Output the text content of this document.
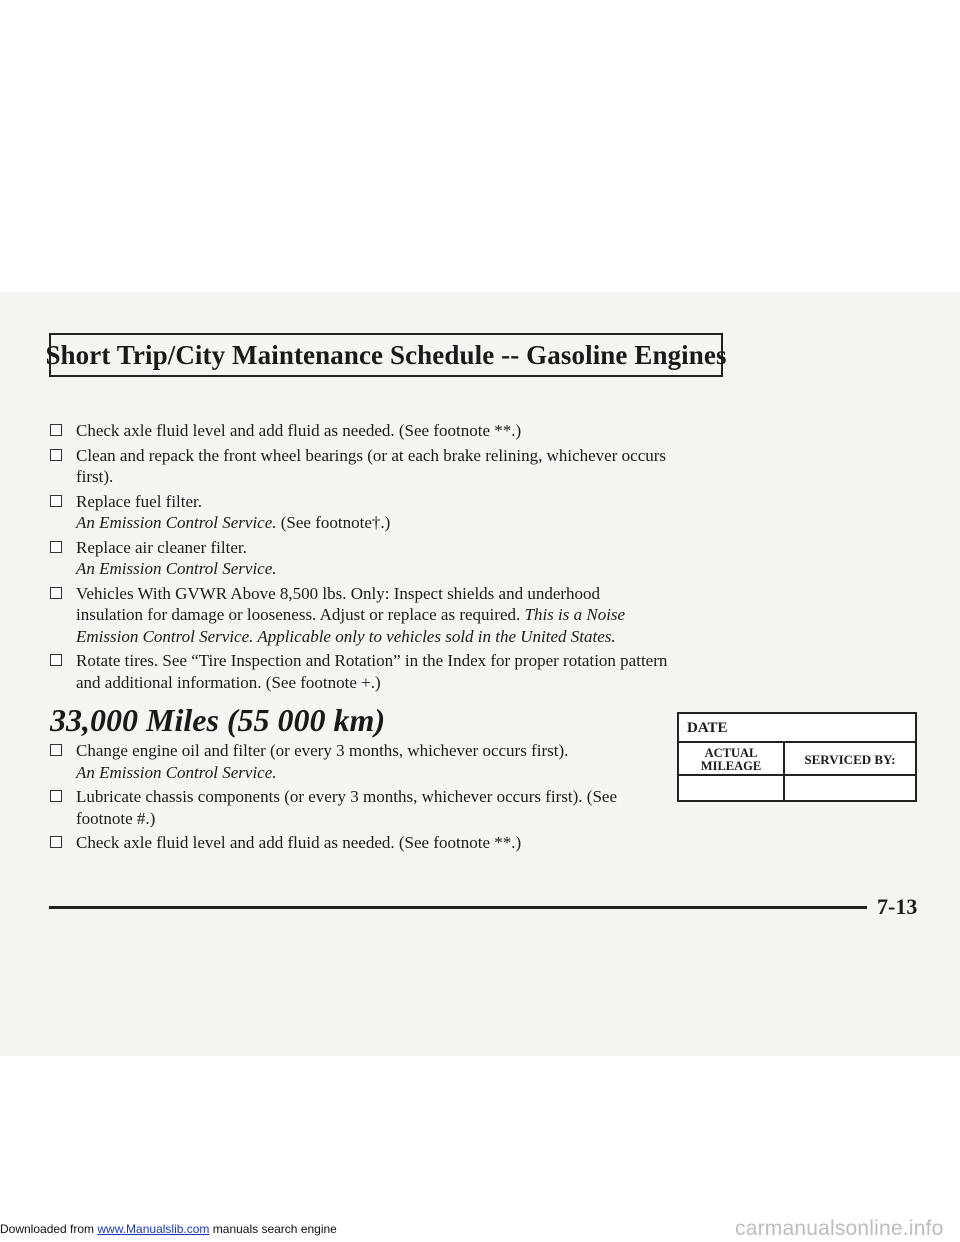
Short Trip/City Maintenance Schedule -- Gasoline Engines
Check axle fluid level and add fluid as needed. (See footnote **.)
Clean and repack the front wheel bearings (or at each brake relining, whichever occurs first).
Replace fuel filter.
An Emission Control Service. (See footnote†.)
Replace air cleaner filter.
An Emission Control Service.
Vehicles With GVWR Above 8,500 lbs. Only: Inspect shields and underhood insulation for damage or looseness. Adjust or replace as required. This is a Noise Emission Control Service. Applicable only to vehicles sold in the United States.
Rotate tires. See “Tire Inspection and Rotation” in the Index for proper rotation pattern and additional information. (See footnote +.)
33,000 Miles (55 000 km)
Change engine oil and filter (or every 3 months, whichever occurs first).
An Emission Control Service.
Lubricate chassis components (or every 3 months, whichever occurs first). (See footnote #.)
Check axle fluid level and add fluid as needed. (See footnote **.)
DATE
ACTUAL
MILEAGE	SERVICED BY:
7-13
Downloaded from www.Manualslib.com manuals search engine	carmanualsonline.info
